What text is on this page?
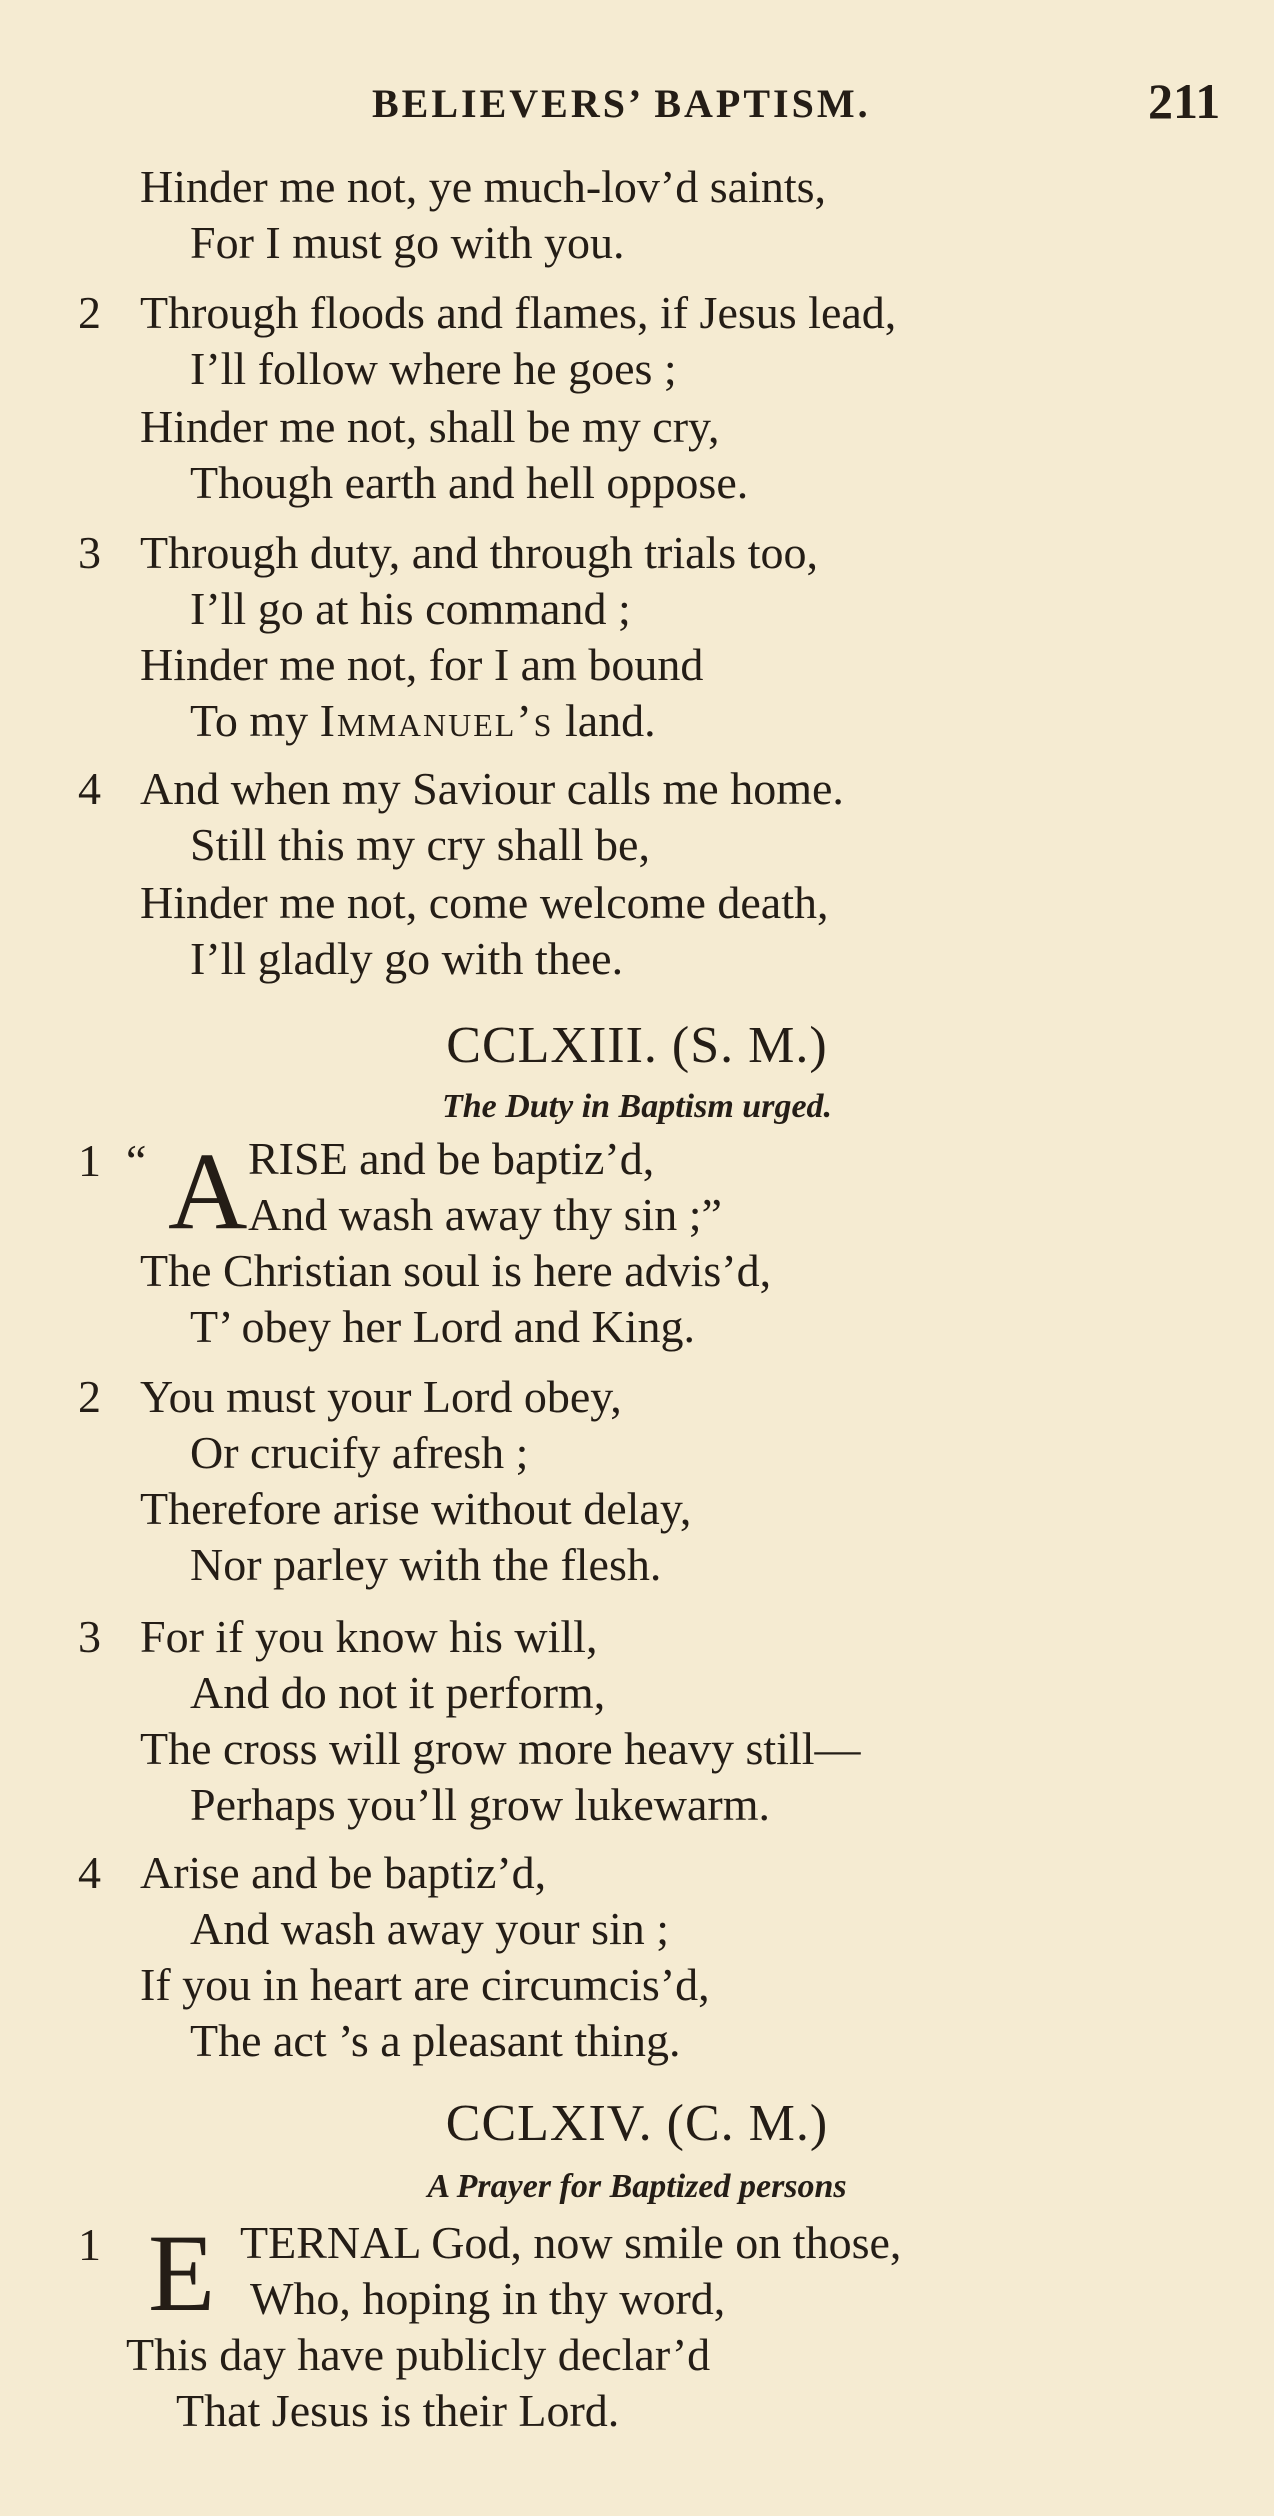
BELIEVERS’ BAPTISM.	211
Hinder me not, ye much-lov’d saints,
For I must go with you.
2 Through floods and flames, if Jesus lead,
I’ll follow where he goes ;
Hinder me not, shall be my cry,
Though earth and hell oppose.
3 Through duty, and through trials too,
I’ll go at his command ;
Hinder me not, for I am bound
To my Immanuel’s land.
4 And when my Saviour calls me home.
Still this my cry shall be,
Hinder me not, come welcome death,
I’ll gladly go with thee.
CCLXIII. (S. M.)
The Duty in Baptism urged.
1 “ A RISE and be baptiz’d,
And wash away thy sin ;”
The Christian soul is here advis’d,
T’ obey her Lord and King.
2 You must your Lord obey,
Or crucify afresh ;
Therefore arise without delay,
Nor parley with the flesh.
3 For if you know his will,
And do not it perform,
The cross will grow more heavy still—
Perhaps you’ll grow lukewarm.
4 Arise and be baptiz’d,
And wash away your sin ;
If you in heart are circumcis’d,
The act ’s a pleasant thing.
CCLXIV. (C. M.)
A Prayer for Baptized persons
1 E TERNAL God, now smile on those,
Who, hoping in thy word,
This day have publicly declar’d
That Jesus is their Lord.
